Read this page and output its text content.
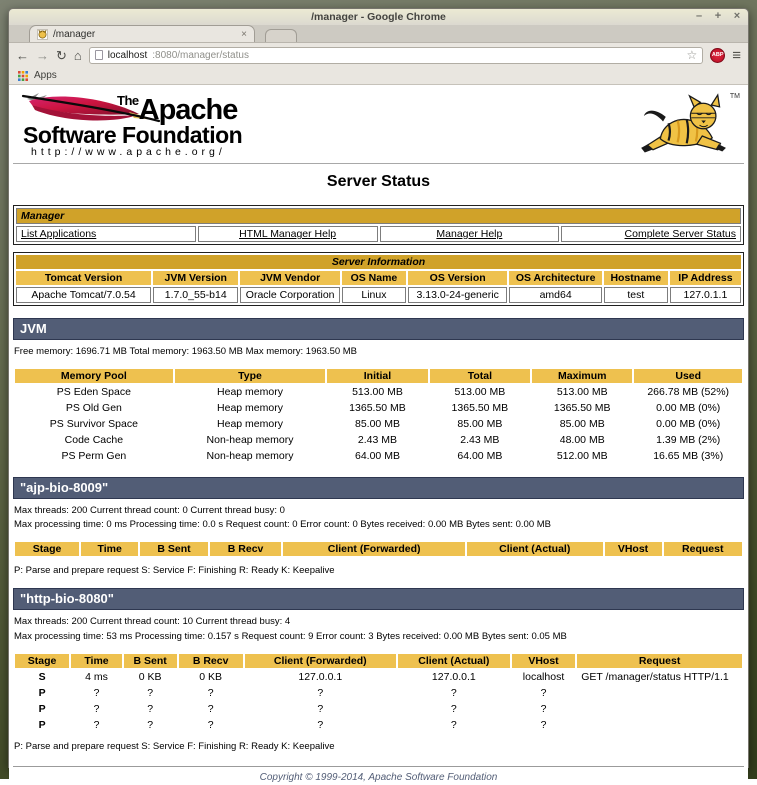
/manager - Google Chrome	– + ×
/manager	×
← → ↻ ⌂	localhost :8080/manager/status	☆	ABP ≡
Apps
TheApache
Software Foundation
http://www.apache.org/
TM
Server Status
Manager
List Applications	HTML Manager Help	Manager Help	Complete Server Status
Server Information							
Tomcat Version	JVM Version	JVM Vendor	OS Name	OS Version	OS Architecture	Hostname	IP Address
Apache Tomcat/7.0.54	1.7.0_55-b14	Oracle Corporation	Linux	3.13.0-24-generic	amd64	test	127.0.1.1
JVM
Free memory: 1696.71 MB Total memory: 1963.50 MB Max memory: 1963.50 MB
Memory Pool	Type	Initial	Total	Maximum	Used
PS Eden Space	Heap memory	513.00 MB	513.00 MB	513.00 MB	266.78 MB (52%)
PS Old Gen	Heap memory	1365.50 MB	1365.50 MB	1365.50 MB	0.00 MB (0%)
PS Survivor Space	Heap memory	85.00 MB	85.00 MB	85.00 MB	0.00 MB (0%)
Code Cache	Non-heap memory	2.43 MB	2.43 MB	48.00 MB	1.39 MB (2%)
PS Perm Gen	Non-heap memory	64.00 MB	64.00 MB	512.00 MB	16.65 MB (3%)
"ajp-bio-8009"
Max threads: 200 Current thread count: 0 Current thread busy: 0
Max processing time: 0 ms Processing time: 0.0 s Request count: 0 Error count: 0 Bytes received: 0.00 MB Bytes sent: 0.00 MB
Stage	Time	B Sent	B Recv	Client (Forwarded)	Client (Actual)	VHost	Request
P: Parse and prepare request S: Service F: Finishing R: Ready K: Keepalive
"http-bio-8080"
Max threads: 200 Current thread count: 10 Current thread busy: 4
Max processing time: 53 ms Processing time: 0.157 s Request count: 9 Error count: 3 Bytes received: 0.00 MB Bytes sent: 0.05 MB
Stage	Time	B Sent	B Recv	Client (Forwarded)	Client (Actual)	VHost	Request
S	4 ms	0 KB	0 KB	127.0.0.1	127.0.0.1	localhost	GET /manager/status HTTP/1.1
P	?	?	?	?	?	?	
P	?	?	?	?	?	?	
P	?	?	?	?	?	?	
P: Parse and prepare request S: Service F: Finishing R: Ready K: Keepalive
Copyright © 1999-2014, Apache Software Foundation
